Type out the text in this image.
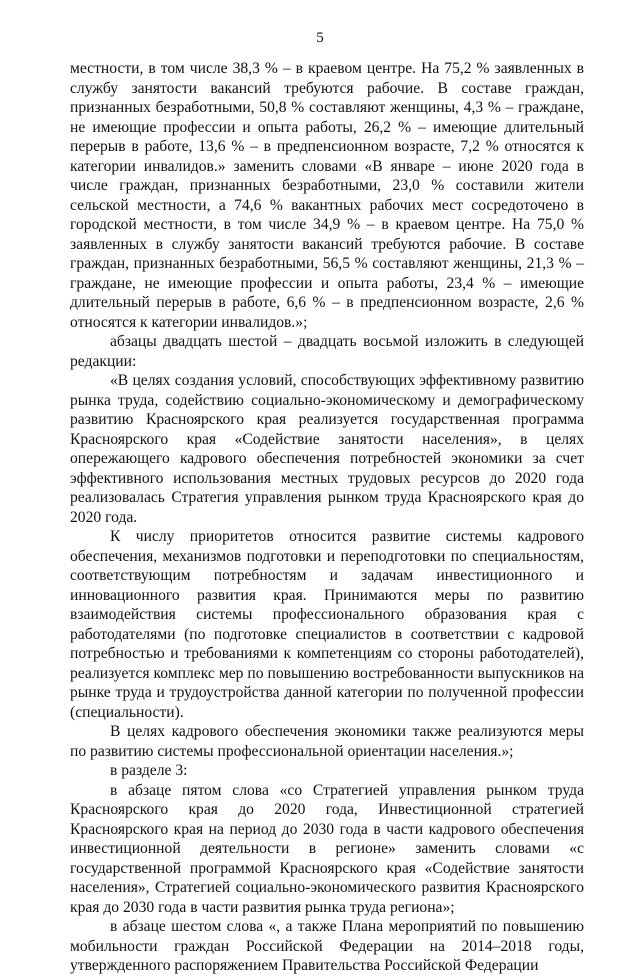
5

местности, в том числе 38,3 % – в краевом центре. На 75,2 % заявленных в службу занятости вакансий требуются рабочие. В составе граждан, признанных безработными, 50,8 % составляют женщины, 4,3 % – граждане, не имеющие профессии и опыта работы, 26,2 % – имеющие длительный перерыв в работе, 13,6 % – в предпенсионном возрасте, 7,2 % относятся к категории инвалидов.» заменить словами «В январе – июне 2020 года в числе граждан, признанных безработными, 23,0 % составили жители сельской местности, а 74,6 % вакантных рабочих мест сосредоточено в городской местности, в том числе 34,9 % – в краевом центре. На 75,0 % заявленных в службу занятости вакансий требуются рабочие. В составе граждан, признанных безработными, 56,5 % составляют женщины, 21,3 % – граждане, не имеющие профессии и опыта работы, 23,4 % – имеющие длительный перерыв в работе, 6,6 % – в предпенсионном возрасте, 2,6 % относятся к категории инвалидов.»;

абзацы двадцать шестой – двадцать восьмой изложить в следующей редакции:

«В целях создания условий, способствующих эффективному развитию рынка труда, содействию социально-экономическому и демографическому развитию Красноярского края реализуется государственная программа Красноярского края «Содействие занятости населения», в целях опережающего кадрового обеспечения потребностей экономики за счет эффективного использования местных трудовых ресурсов до 2020 года реализовалась Стратегия управления рынком труда Красноярского края до 2020 года.

К числу приоритетов относится развитие системы кадрового обеспечения, механизмов подготовки и переподготовки по специальностям, соответствующим потребностям и задачам инвестиционного и инновационного развития края. Принимаются меры по развитию взаимодействия системы профессионального образования края с работодателями (по подготовке специалистов в соответствии с кадровой потребностью и требованиями к компетенциям со стороны работодателей), реализуется комплекс мер по повышению востребованности выпускников на рынке труда и трудоустройства данной категории по полученной профессии (специальности).

В целях кадрового обеспечения экономики также реализуются меры по развитию системы профессиональной ориентации населения.»;

в разделе 3:

в абзаце пятом слова «со Стратегией управления рынком труда Красноярского края до 2020 года, Инвестиционной стратегией Красноярского края на период до 2030 года в части кадрового обеспечения инвестиционной деятельности в регионе» заменить словами «с государственной программой Красноярского края «Содействие занятости населения», Стратегией социально-экономического развития Красноярского края до 2030 года в части развития рынка труда региона»;

в абзаце шестом слова «, а также Плана мероприятий по повышению мобильности граждан Российской Федерации на 2014–2018 годы, утвержденного распоряжением Правительства Российской Федерации
